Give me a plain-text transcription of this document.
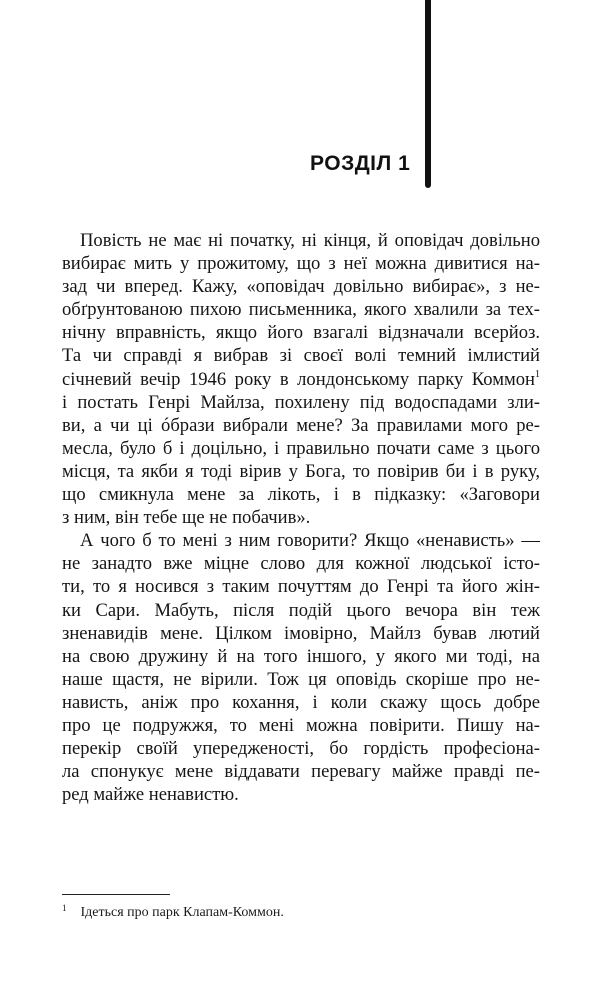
РОЗДІЛ 1
Повість не має ні початку, ні кінця, й оповідач довільно
вибирає мить у прожитому, що з неї можна дивитися на-
зад чи вперед. Кажу, «оповідач довільно вибирає», з не-
обґрунтованою пихою письменника, якого хвалили за тех-
нічну вправність, якщо його взагалі відзначали всерйоз.
Та чи справді я вибрав зі своєї волі темний імлистий
січневий вечір 1946 року в лондонському парку Коммон$^1$
і постать Генрі Майлза, похилену під водоспадами зли-
ви, а чи ці óбрази вибрали мене? За правилами мого ре-
месла, було б і доцільно, і правильно почати саме з цього
місця, та якби я тоді вірив у Бога, то повірив би і в руку,
що смикнула мене за лікоть, і в підказку: «Заговори
з ним, він тебе ще не побачив».
А чого б то мені з ним говорити? Якщо «ненависть» —
не занадто вже міцне слово для кожної людської істо-
ти, то я носився з таким почуттям до Генрі та його жін-
ки Сари. Мабуть, після подій цього вечора він теж
зненавидів мене. Цілком імовірно, Майлз бував лютий
на свою дружину й на того іншого, у якого ми тоді, на
наше щастя, не вірили. Тож ця оповідь скоріше про не-
нависть, аніж про кохання, і коли скажу щось добре
про це подружжя, то мені можна повірити. Пишу на-
перекір своїй упередженості, бо гордість професіона-
ла спонукує мене віддавати перевагу майже правді пе-
ред майже ненавистю.
$^1$ Ідеться про парк Клапам-Коммон.
